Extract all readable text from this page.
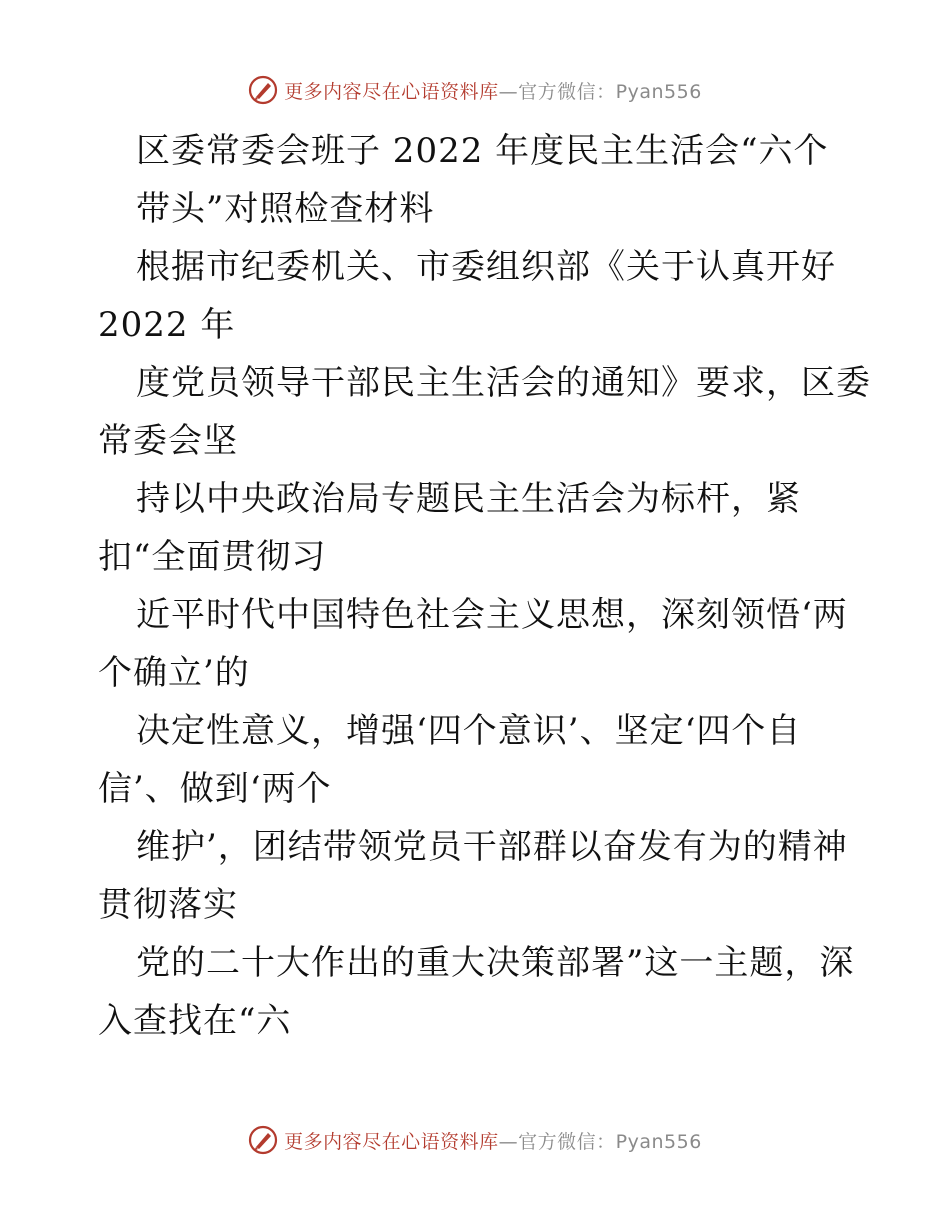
更多内容尽在心语资料库—官方微信：Pyan556
区委常委会班子 2022 年度民主生活会“六个
带头”对照检查材料
根据市纪委机关、市委组织部《关于认真开好
2022 年
度党员领导干部民主生活会的通知》要求，区委
常委会坚
持以中央政治局专题民主生活会为标杆，紧
扣“全面贯彻习
近平时代中国特色社会主义思想，深刻领悟‘两
个确立’的
决定性意义，增强‘四个意识’、坚定‘四个自
信’、做到‘两个
维护’，团结带领党员干部群以奋发有为的精神
贯彻落实
党的二十大作出的重大决策部署”这一主题，深
入查找在“六
更多内容尽在心语资料库—官方微信：Pyan556
